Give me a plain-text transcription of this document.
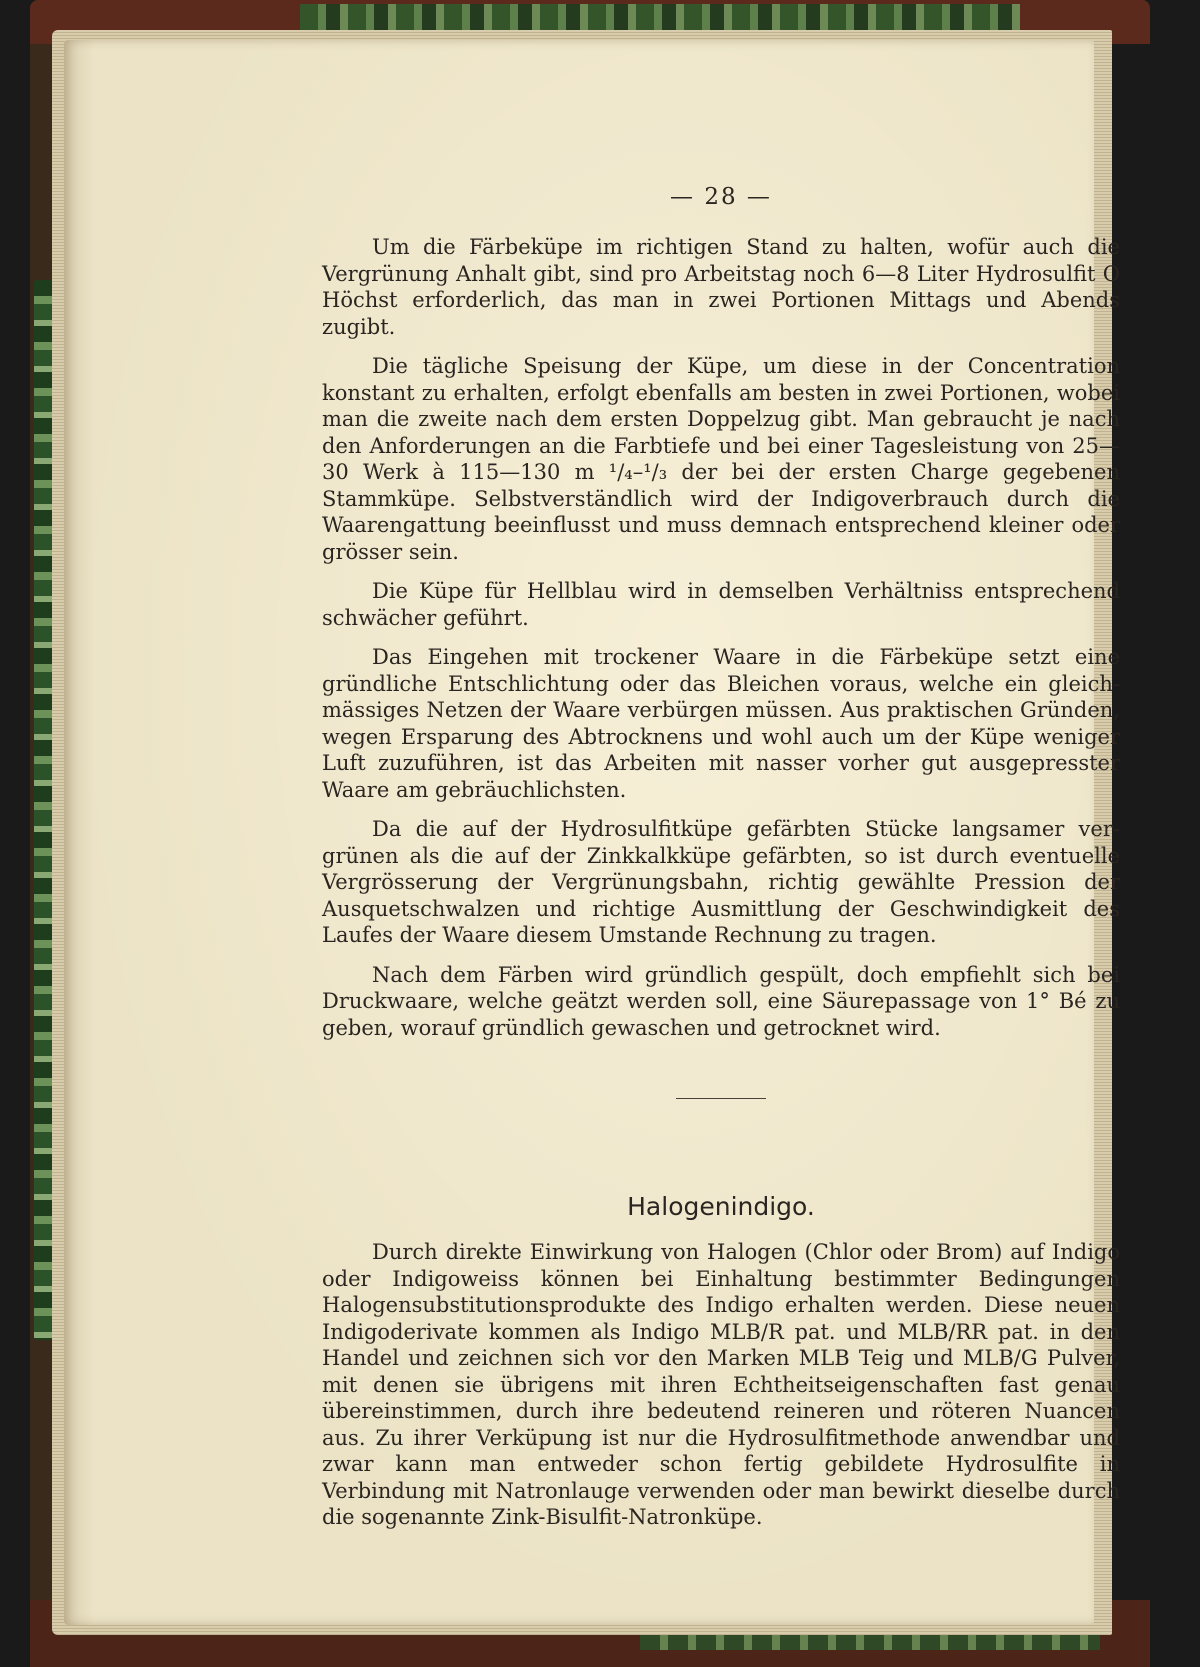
— 28 —

Um die Färbeküpe im richtigen Stand zu halten, wofür auch die Vergrünung Anhalt gibt, sind pro Arbeitstag noch 6—8 Liter Hydrosulfit O Höchst erforderlich, das man in zwei Portionen Mittags und Abends zugibt.

Die tägliche Speisung der Küpe, um diese in der Concentration konstant zu erhalten, erfolgt ebenfalls am besten in zwei Portionen, wobei man die zweite nach dem ersten Doppelzug gibt. Man gebraucht je nach den Anforderungen an die Farbtiefe und bei einer Tagesleistung von 25—30 Werk à 115—130 m ¹/₄–¹/₃ der bei der ersten Charge gegebenen Stammküpe. Selbstverständlich wird der Indigoverbrauch durch die Waarengattung beeinflusst und muss demnach entsprechend kleiner oder grösser sein.

Die Küpe für Hellblau wird in demselben Verhältniss entsprechend schwächer geführt.

Das Eingehen mit trockener Waare in die Färbeküpe setzt eine gründliche Entschlichtung oder das Bleichen voraus, welche ein gleichmässiges Netzen der Waare verbürgen müssen. Aus praktischen Gründen, wegen Ersparung des Abtrocknens und wohl auch um der Küpe weniger Luft zuzuführen, ist das Arbeiten mit nasser vorher gut ausgepresster Waare am gebräuchlichsten.

Da die auf der Hydrosulfitküpe gefärbten Stücke langsamer vergrünen als die auf der Zinkkalkküpe gefärbten, so ist durch eventuelle Vergrösserung der Vergrünungsbahn, richtig gewählte Pression der Ausquetschwalzen und richtige Ausmittlung der Geschwindigkeit des Laufes der Waare diesem Umstande Rechnung zu tragen.

Nach dem Färben wird gründlich gespült, doch empfiehlt sich bei Druckwaare, welche geätzt werden soll, eine Säurepassage von 1° Bé zu geben, worauf gründlich gewaschen und getrocknet wird.

Halogenindigo.

Durch direkte Einwirkung von Halogen (Chlor oder Brom) auf Indigo oder Indigoweiss können bei Einhaltung bestimmter Bedingungen Halogensubstitutionsprodukte des Indigo erhalten werden. Diese neuen Indigoderivate kommen als Indigo MLB/R pat. und MLB/RR pat. in den Handel und zeichnen sich vor den Marken MLB Teig und MLB/G Pulver, mit denen sie übrigens mit ihren Echtheitseigenschaften fast genau übereinstimmen, durch ihre bedeutend reineren und röteren Nuancen aus. Zu ihrer Verküpung ist nur die Hydrosulfitmethode anwendbar und zwar kann man entweder schon fertig gebildete Hydrosulfite in Verbindung mit Natronlauge verwenden oder man bewirkt dieselbe durch die sogenannte Zink-Bisulfit-Natronküpe.
